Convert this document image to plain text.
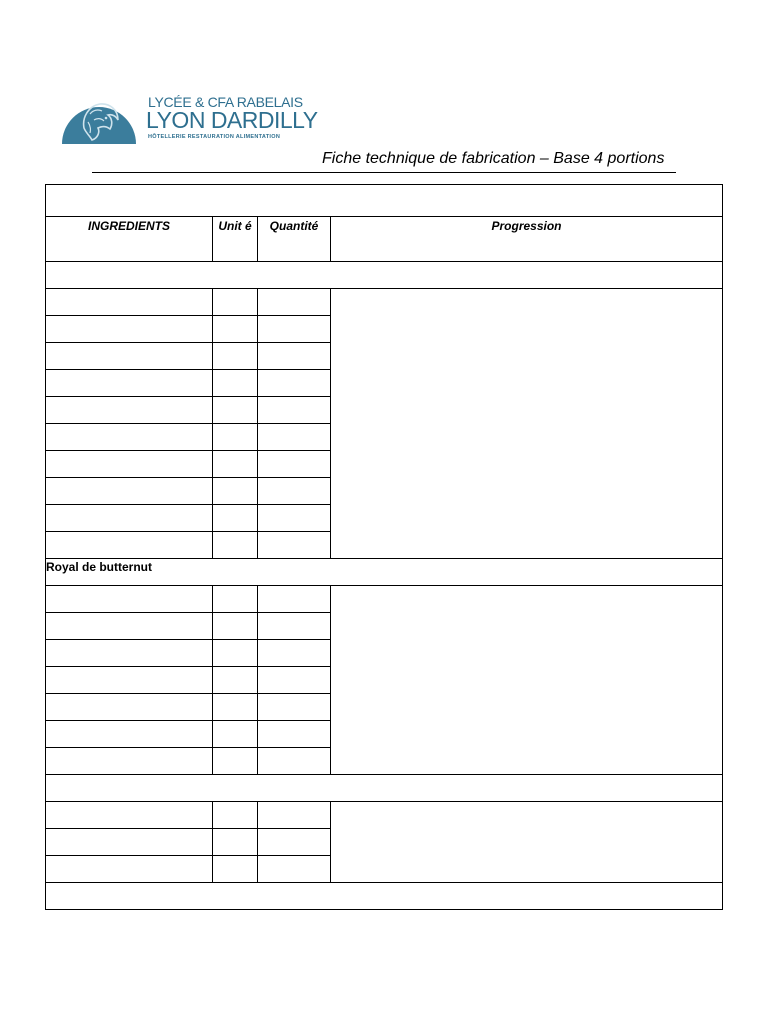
LYCÉE & CFA RABELAIS
LYON DARDILLY
HÔTELLERIE RESTAURATION ALIMENTATION
Fiche technique de fabrication – Base 4 portions

INGREDIENTS	Unit é	Quantité	Progression

Royal de butternut			
